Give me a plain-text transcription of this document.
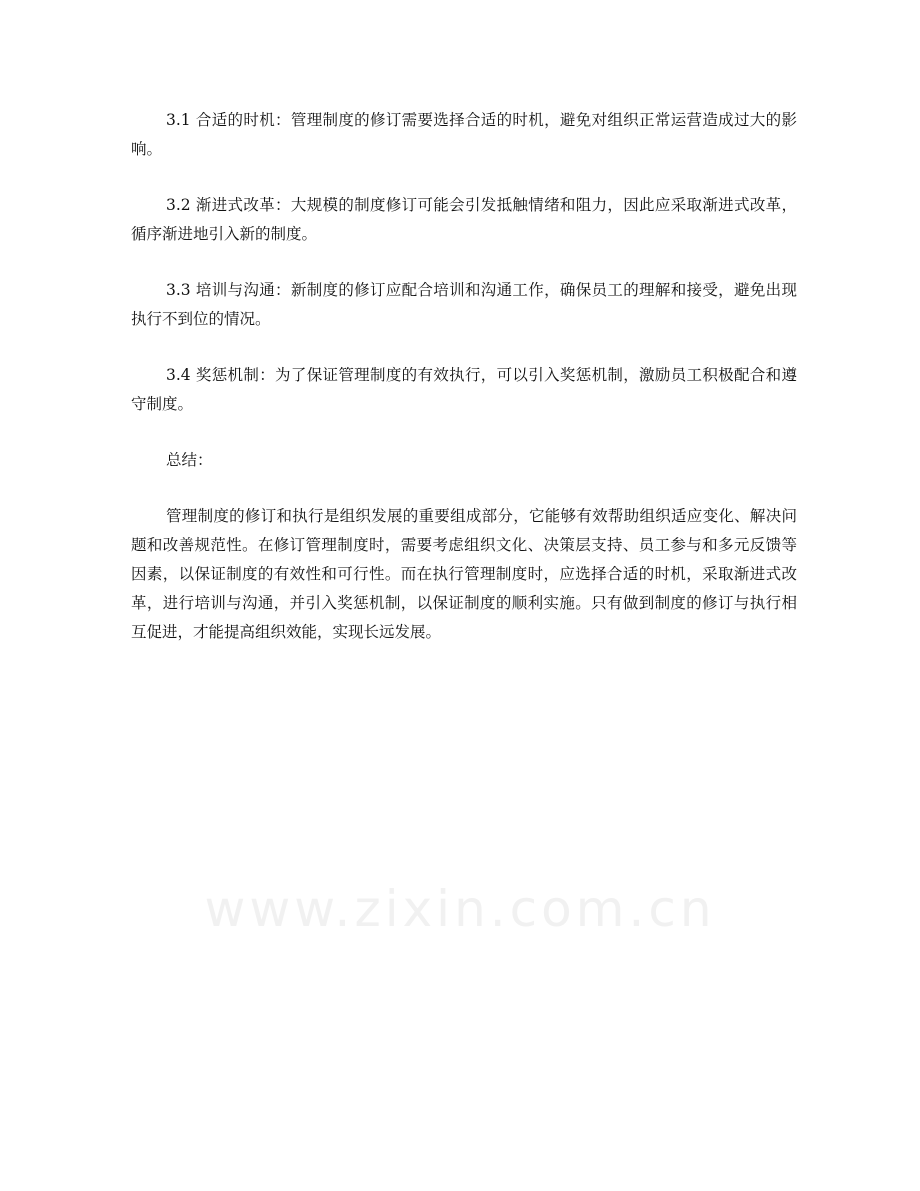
3.1 合适的时机：管理制度的修订需要选择合适的时机，避免对组织正常运营造成过大的影响。

3.2 渐进式改革：大规模的制度修订可能会引发抵触情绪和阻力，因此应采取渐进式改革，循序渐进地引入新的制度。

3.3 培训与沟通：新制度的修订应配合培训和沟通工作，确保员工的理解和接受，避免出现执行不到位的情况。

3.4 奖惩机制：为了保证管理制度的有效执行，可以引入奖惩机制，激励员工积极配合和遵守制度。

总结：

管理制度的修订和执行是组织发展的重要组成部分，它能够有效帮助组织适应变化、解决问题和改善规范性。在修订管理制度时，需要考虑组织文化、决策层支持、员工参与和多元反馈等因素，以保证制度的有效性和可行性。而在执行管理制度时，应选择合适的时机，采取渐进式改革，进行培训与沟通，并引入奖惩机制，以保证制度的顺利实施。只有做到制度的修订与执行相互促进，才能提高组织效能，实现长远发展。

www.zixin.com.cn
